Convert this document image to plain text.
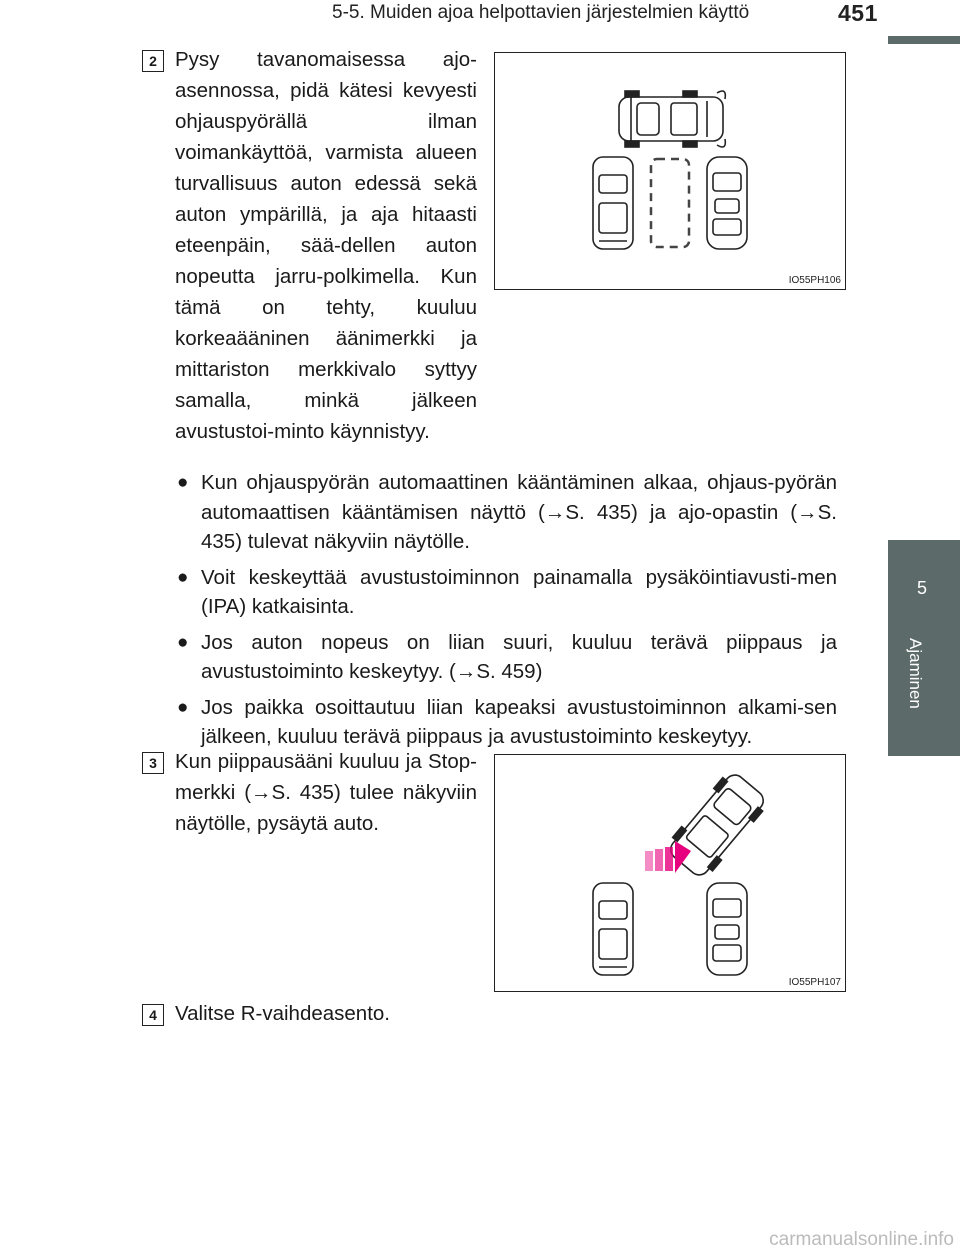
5-5. Muiden ajoa helpottavien järjestelmien käyttö	451
5
Ajaminen
2 Pysy tavanomaisessa ajo-asennossa, pidä kätesi kevyesti ohjauspyörällä ilman voimankäyttöä, varmista alueen turvallisuus auton edessä sekä auton ympärillä, ja aja hitaasti eteenpäin, sää-dellen auton nopeutta jarru-polkimella. Kun tämä on tehty, kuuluu korkeaääninen äänimerkki ja mittariston merkkivalo syttyy samalla, minkä jälkeen avustustoi-minto käynnistyy.
IO55PH106
● Kun ohjauspyörän automaattinen kääntäminen alkaa, ohjaus-pyörän automaattisen kääntämisen näyttö (→S. 435) ja ajo-opastin (→S. 435) tulevat näkyviin näytölle.
● Voit keskeyttää avustustoiminnon painamalla pysäköintiavusti-men (IPA) katkaisinta.
● Jos auton nopeus on liian suuri, kuuluu terävä piippaus ja avustustoiminto keskeytyy. (→S. 459)
● Jos paikka osoittautuu liian kapeaksi avustustoiminnon alkami-sen jälkeen, kuuluu terävä piippaus ja avustustoiminto keskeytyy.
3 Kun piippausääni kuuluu ja Stop-merkki (→S. 435) tulee näkyviin näytölle, pysäytä auto.
IO55PH107
4 Valitse R-vaihdeasento.
carmanualsonline.info
